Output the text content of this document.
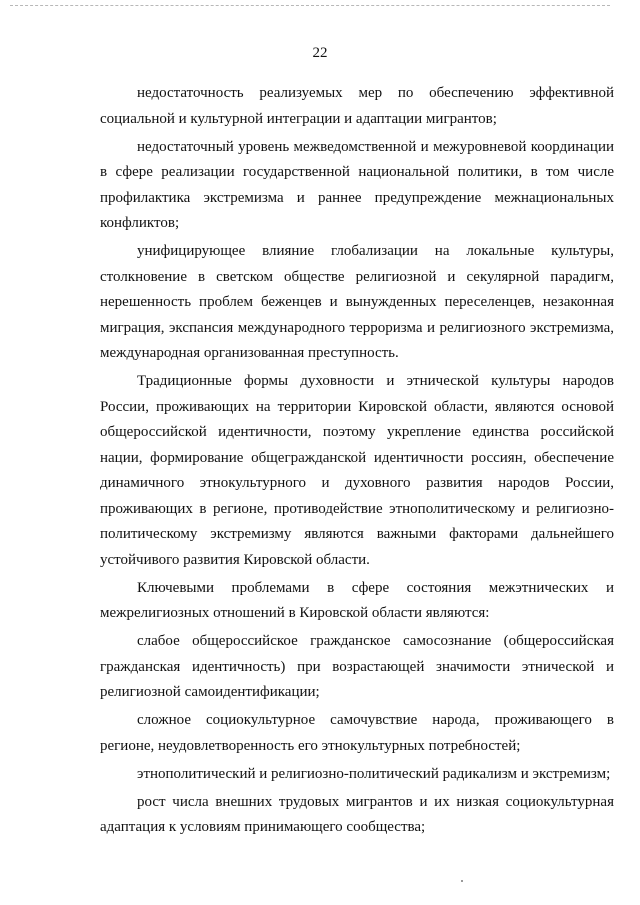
22

недостаточность реализуемых мер по обеспечению эффективной социальной и культурной интеграции и адаптации мигрантов;

недостаточный уровень межведомственной и межуровневой координации в сфере реализации государственной национальной политики, в том числе профилактика экстремизма и раннее предупреждение межнациональных конфликтов;

унифицирующее влияние глобализации на локальные культуры, столкновение в светском обществе религиозной и секулярной парадигм, нерешенность проблем беженцев и вынужденных переселенцев, незаконная миграция, экспансия международного терроризма и религиозного экстремизма, международная организованная преступность.

Традиционные формы духовности и этнической культуры народов России, проживающих на территории Кировской области, являются основой общероссийской идентичности, поэтому укрепление единства российской нации, формирование общегражданской идентичности россиян, обеспечение динамичного этнокультурного и духовного развития народов России, проживающих в регионе, противодействие этнополитическому и религиозно-политическому экстремизму являются важными факторами дальнейшего устойчивого развития Кировской области.

Ключевыми проблемами в сфере состояния межэтнических и межрелигиозных отношений в Кировской области являются:

слабое общероссийское гражданское самосознание (общероссийская гражданская идентичность) при возрастающей значимости этнической и религиозной самоидентификации;

сложное социокультурное самочувствие народа, проживающего в регионе, неудовлетворенность его этнокультурных потребностей;

этнополитический и религиозно-политический радикализм и экстремизм;

рост числа внешних трудовых мигрантов и их низкая социокультурная адаптация к условиям принимающего сообщества;
